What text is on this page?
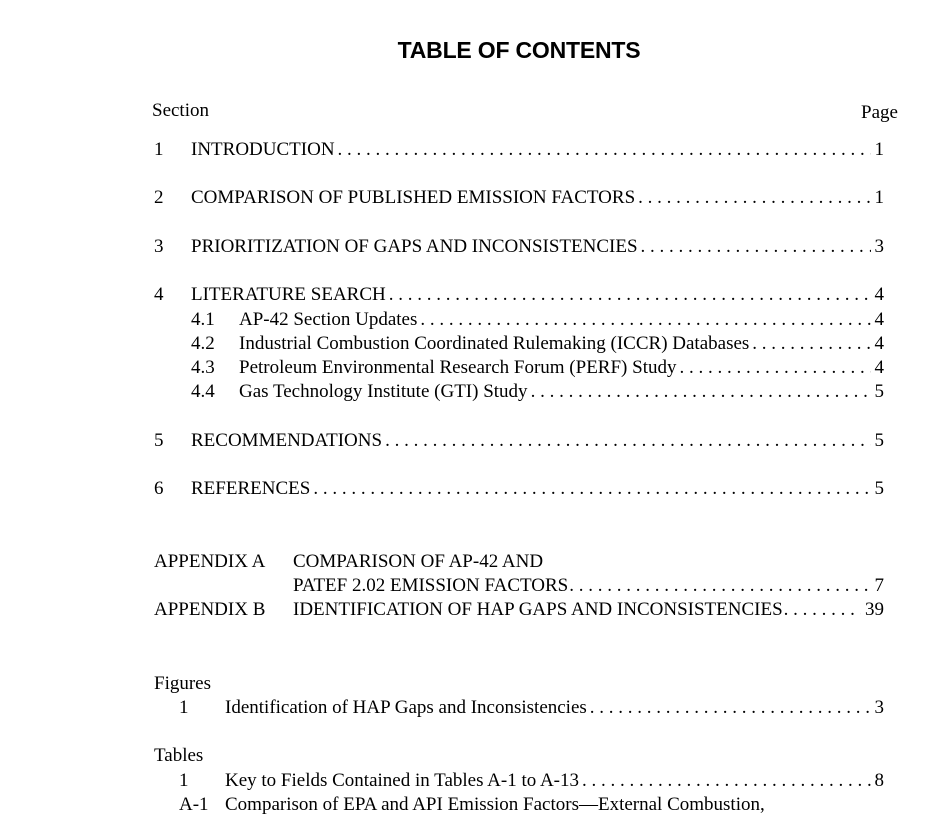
TABLE OF CONTENTS
Section	Page
1	INTRODUCTION . . .	1
2	COMPARISON OF PUBLISHED EMISSION FACTORS . . .	1
3	PRIORITIZATION OF GAPS AND INCONSISTENCIES . . .	3
4	LITERATURE SEARCH . . .	4
4.1	AP-42 Section Updates . . .	4
4.2	Industrial Combustion Coordinated Rulemaking (ICCR) Databases . . .	4
4.3	Petroleum Environmental Research Forum (PERF) Study . . .	4
4.4	Gas Technology Institute (GTI) Study . . .	5
5	RECOMMENDATIONS . . .	5
6	REFERENCES . . .	5
APPENDIX A COMPARISON OF AP-42 AND
PATEF 2.02 EMISSION FACTORS . . .	7
APPENDIX B IDENTIFICATION OF HAP GAPS AND INCONSISTENCIES . . .	39
Figures
1	Identification of HAP Gaps and Inconsistencies . . .	3
Tables
1	Key to Fields Contained in Tables A-1 to A-13 . . .	8
A-1 Comparison of EPA and API Emission Factors—External Combustion,
